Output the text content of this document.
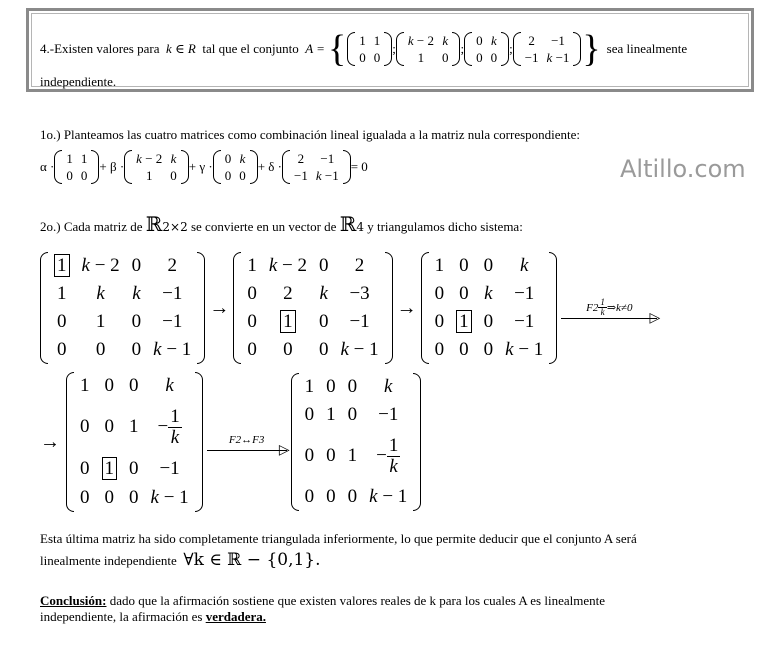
4.-Existen valores para
k ∈ R
tal que el conjunto
A = { 1	1
0	0
;
k − 2	k
1	0
;
0	k
0	0
;
2	−1
−1	k −1 } sea linealmente
independiente.
1o.) Planteamos las cuatro matrices como combinación lineal igualada a la matriz nula correspondiente:
α ·
1	1
0	0
+ β ·
k − 2	k
1	0
+ γ ·
0	k
0	0
+ δ ·
2	−1
−1	k −1
= 0	Altillo.com
2o.) Cada matriz de
ℝ 2×2
se convierte en un vector de
ℝ 4
y triangulamos dicho sistema:
1	k − 2	0	2
1	k	k	−1
0	1	0	−1
0	0	0	k − 1
→
1	k − 2	0	2
0	2	k	−3
0	1	0	−1
0	0	0	k − 1
→
1	0	0	k
0	0	k	−1
0	1	0	−1
0	0	0	k − 1
$F2 \frac{1}{k}$ ⇒k≠0
▷
→
1	0	0	k
0	0	1	− $\frac{1}{k}$

0	1	0	−1
0	0	0	k − 1
F2↔F3
▷
1	0	0	k
0	1	0	−1
0	0	1	− $\frac{1}{k}$

0	0	0	k − 1
Esta última matriz ha sido completamente triangulada inferiormente, lo que permite deducir que el conjunto A será
linealmente independiente
∀k ∈ ℝ − {0,1}.
Conclusión: dado que la afirmación sostiene que existen valores reales de k para los cuales A es linealmente
independiente, la afirmación es verdadera.
